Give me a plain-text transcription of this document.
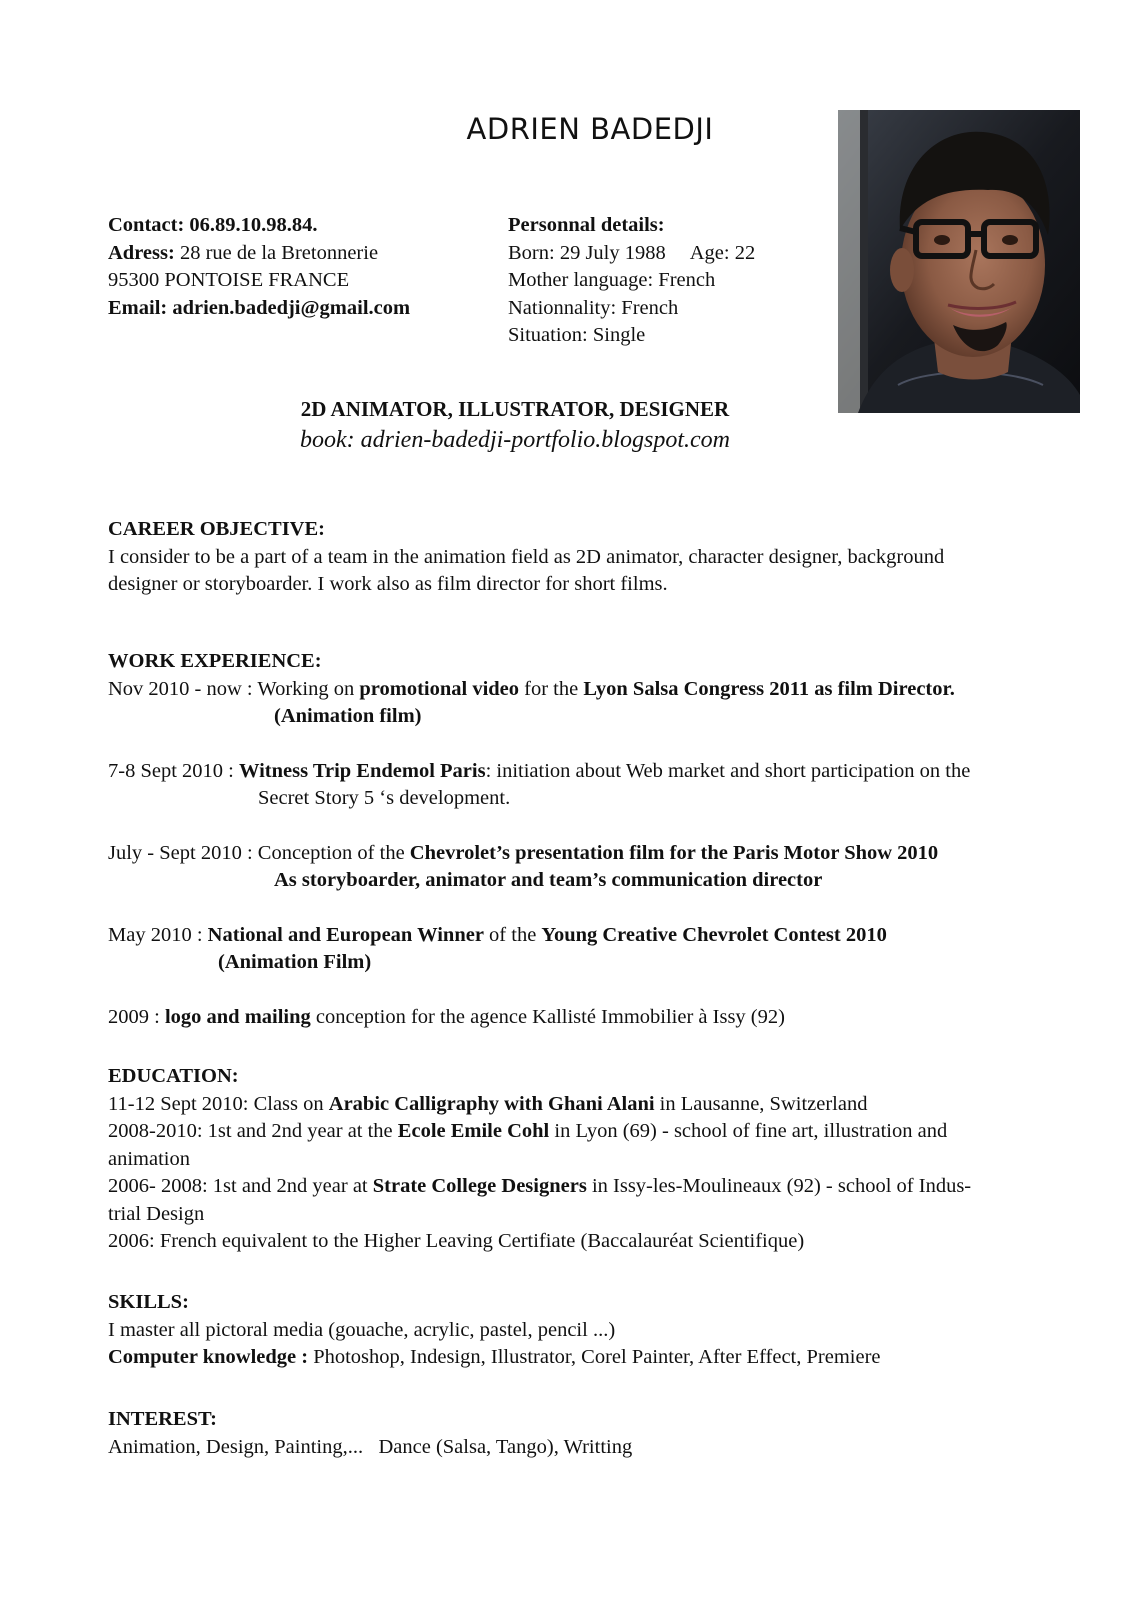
ADRIEN BADEDJI
Contact: 06.89.10.98.84.
Adress: 28 rue de la Bretonnerie
95300 PONTOISE FRANCE
Email: adrien.badedji@gmail.com
Personnal details:
Born: 29 July 1988 Age: 22
Mother language: French
Nationnality: French
Situation: Single
2D ANIMATOR, ILLUSTRATOR, DESIGNER
book: adrien-badedji-portfolio.blogspot.com
CAREER OBJECTIVE:
I consider to be a part of a team in the animation field as 2D animator, character designer, background
designer or storyboarder. I work also as film director for short films.
WORK EXPERIENCE:
Nov 2010 - now : Working on promotional video for the Lyon Salsa Congress 2011 as film Director.
(Animation film)
7-8 Sept 2010 : Witness Trip Endemol Paris: initiation about Web market and short participation on the
Secret Story 5 ‘s development.
July - Sept 2010 : Conception of the Chevrolet’s presentation film for the Paris Motor Show 2010
As storyboarder, animator and team’s communication director
May 2010 : National and European Winner of the Young Creative Chevrolet Contest 2010
(Animation Film)
2009 : logo and mailing conception for the agence Kallisté Immobilier à Issy (92)
EDUCATION:
11-12 Sept 2010: Class on Arabic Calligraphy with Ghani Alani in Lausanne, Switzerland
2008-2010: 1st and 2nd year at the Ecole Emile Cohl in Lyon (69) - school of fine art, illustration and
animation
2006- 2008: 1st and 2nd year at Strate College Designers in Issy-les-Moulineaux (92) - school of Indus-
trial Design
2006: French equivalent to the Higher Leaving Certifiate (Baccalauréat Scientifique)
SKILLS:
I master all pictoral media (gouache, acrylic, pastel, pencil ...)
Computer knowledge : Photoshop, Indesign, Illustrator, Corel Painter, After Effect, Premiere
INTEREST:
Animation, Design, Painting,...   Dance (Salsa, Tango), Writting
